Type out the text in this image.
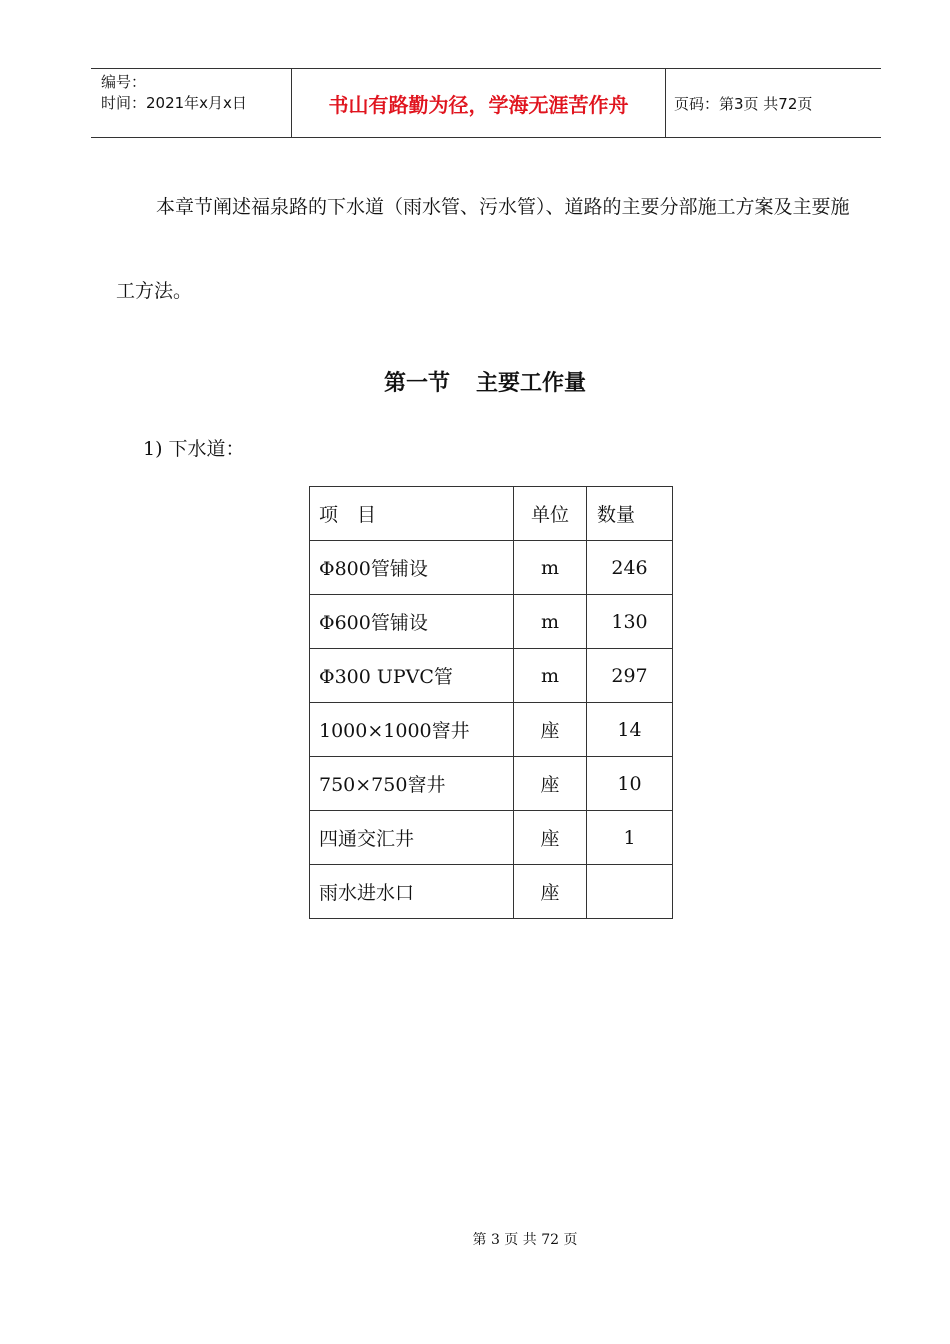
编号：
时间：2021年x月x日	书山有路勤为径，学海无涯苦作舟	页码：第3页 共72页

本章节阐述福泉路的下水道（雨水管、污水管）、道路的主要分部施工方案及主要施工方法。

第一节 主要工作量

1) 下水道：

项　目	单位	数量
Φ800管铺设	m	246
Φ600管铺设	m	130
Φ300 UPVC管	m	297
1000×1000窨井	座	14
750×750窨井	座	10
四通交汇井	座	1
雨水进水口	座	
第 3 页 共 72 页
